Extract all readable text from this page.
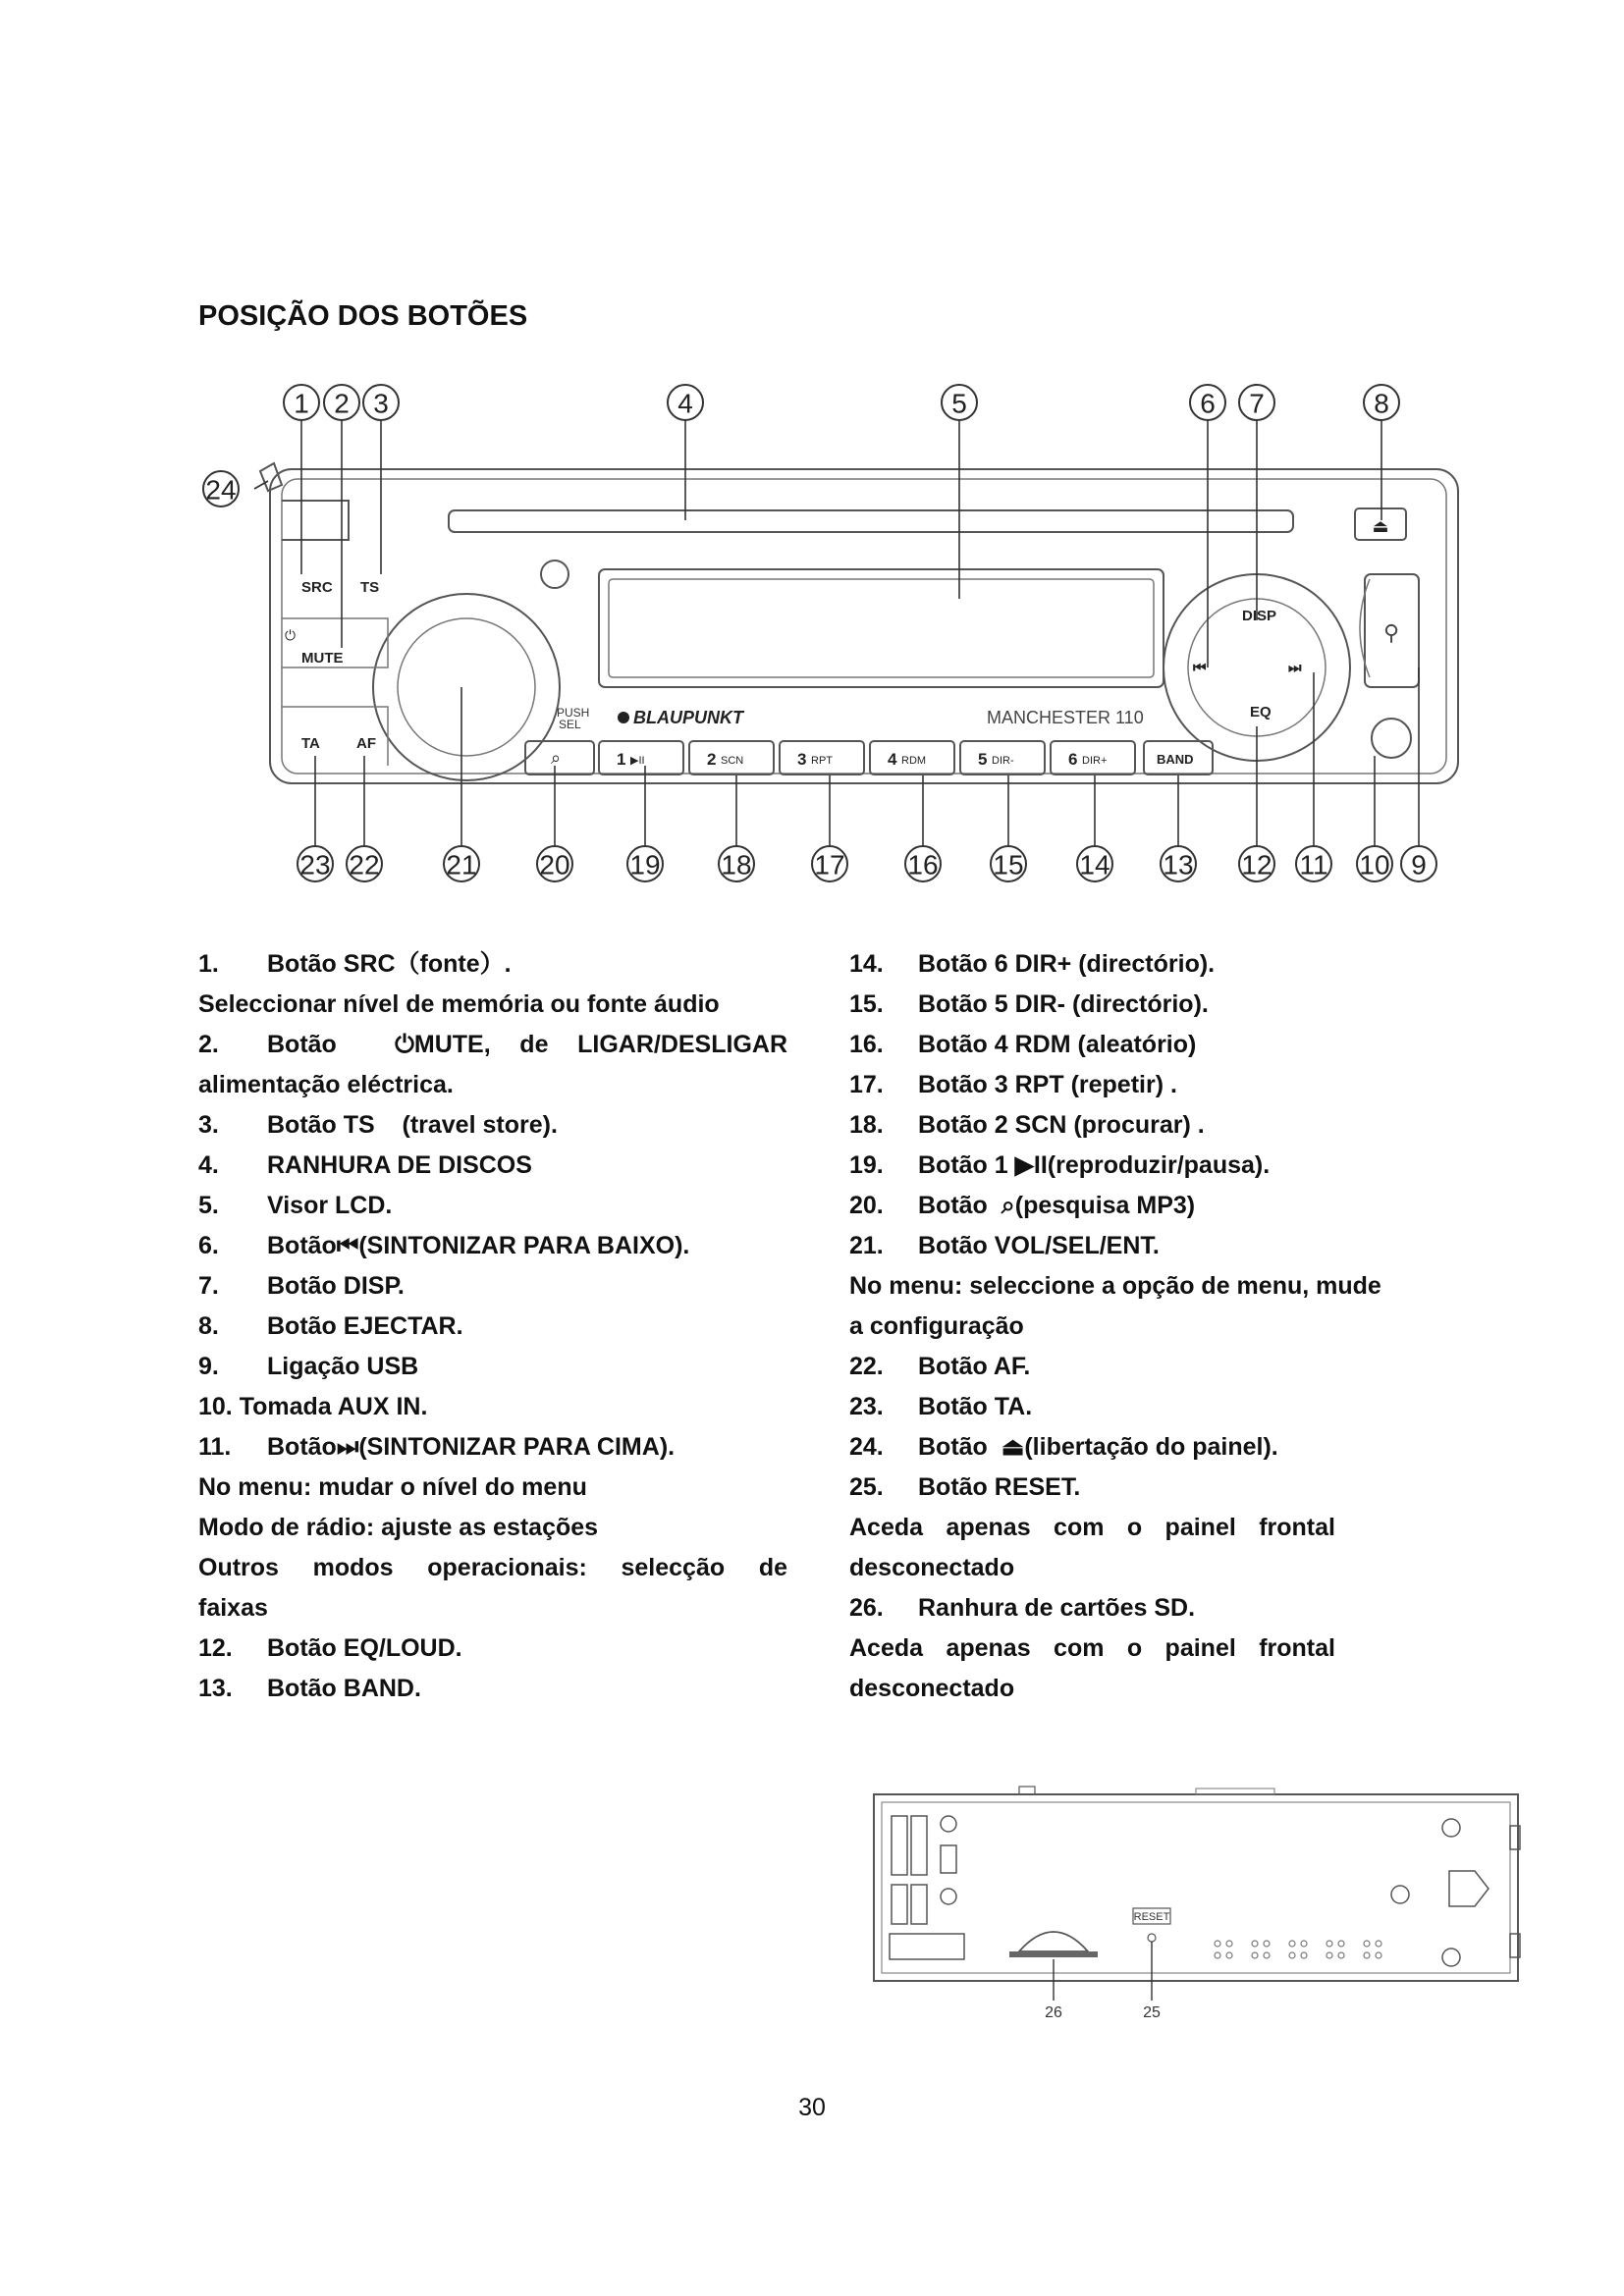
POSIÇÃO DOS BOTÕES
⏏
BLAUPUNKT	MANCHESTER 110
PUSH
SEL
DISP
⏮	⏭
EQ
⚲
SRC TS
⏻
MUTE
TA AF
⌕	1 ▶II	2 SCN	3 RPT	4 RDM	5 DIR-	6 DIR+	BAND
1 2 3	4	5	6 7	8
9
10
11
12
13
14
15
16
17
18
19
20
21
22
23
24
1. Botão SRC（fonte）.
Seleccionar nível de memória ou fonte áudio
2. Botão ⏻MUTE, de LIGAR/DESLIGAR
alimentação eléctrica.
3. Botão TS    (travel store).
4. RANHURA DE DISCOS
5. Visor LCD.
6. Botão⏮(SINTONIZAR PARA BAIXO).
7. Botão DISP.
8. Botão EJECTAR.
9. Ligação USB
10. Tomada AUX IN.
11. Botão⏭(SINTONIZAR PARA CIMA).
No menu: mudar o nível do menu
Modo de rádio: ajuste as estações
Outros modos operacionais: selecção de
faixas
12. Botão EQ/LOUD.
13. Botão BAND.
14. Botão 6 DIR+ (directório).
15. Botão 5 DIR- (directório).
16. Botão 4 RDM (aleatório)
17. Botão 3 RPT (repetir) .
18. Botão 2 SCN (procurar) .
19. Botão 1 ▶II(reproduzir/pausa).
20. Botão ⌕(pesquisa MP3)
21. Botão VOL/SEL/ENT.
No menu: seleccione a opção de menu, mude
a configuração
22. Botão AF.
23. Botão TA.
24. Botão ⏏(libertação do painel).
25. Botão RESET.
Aceda apenas com o painel frontal
desconectado
26. Ranhura de cartões SD.
Aceda apenas com o painel frontal
desconectado
RESET
26	25
30
